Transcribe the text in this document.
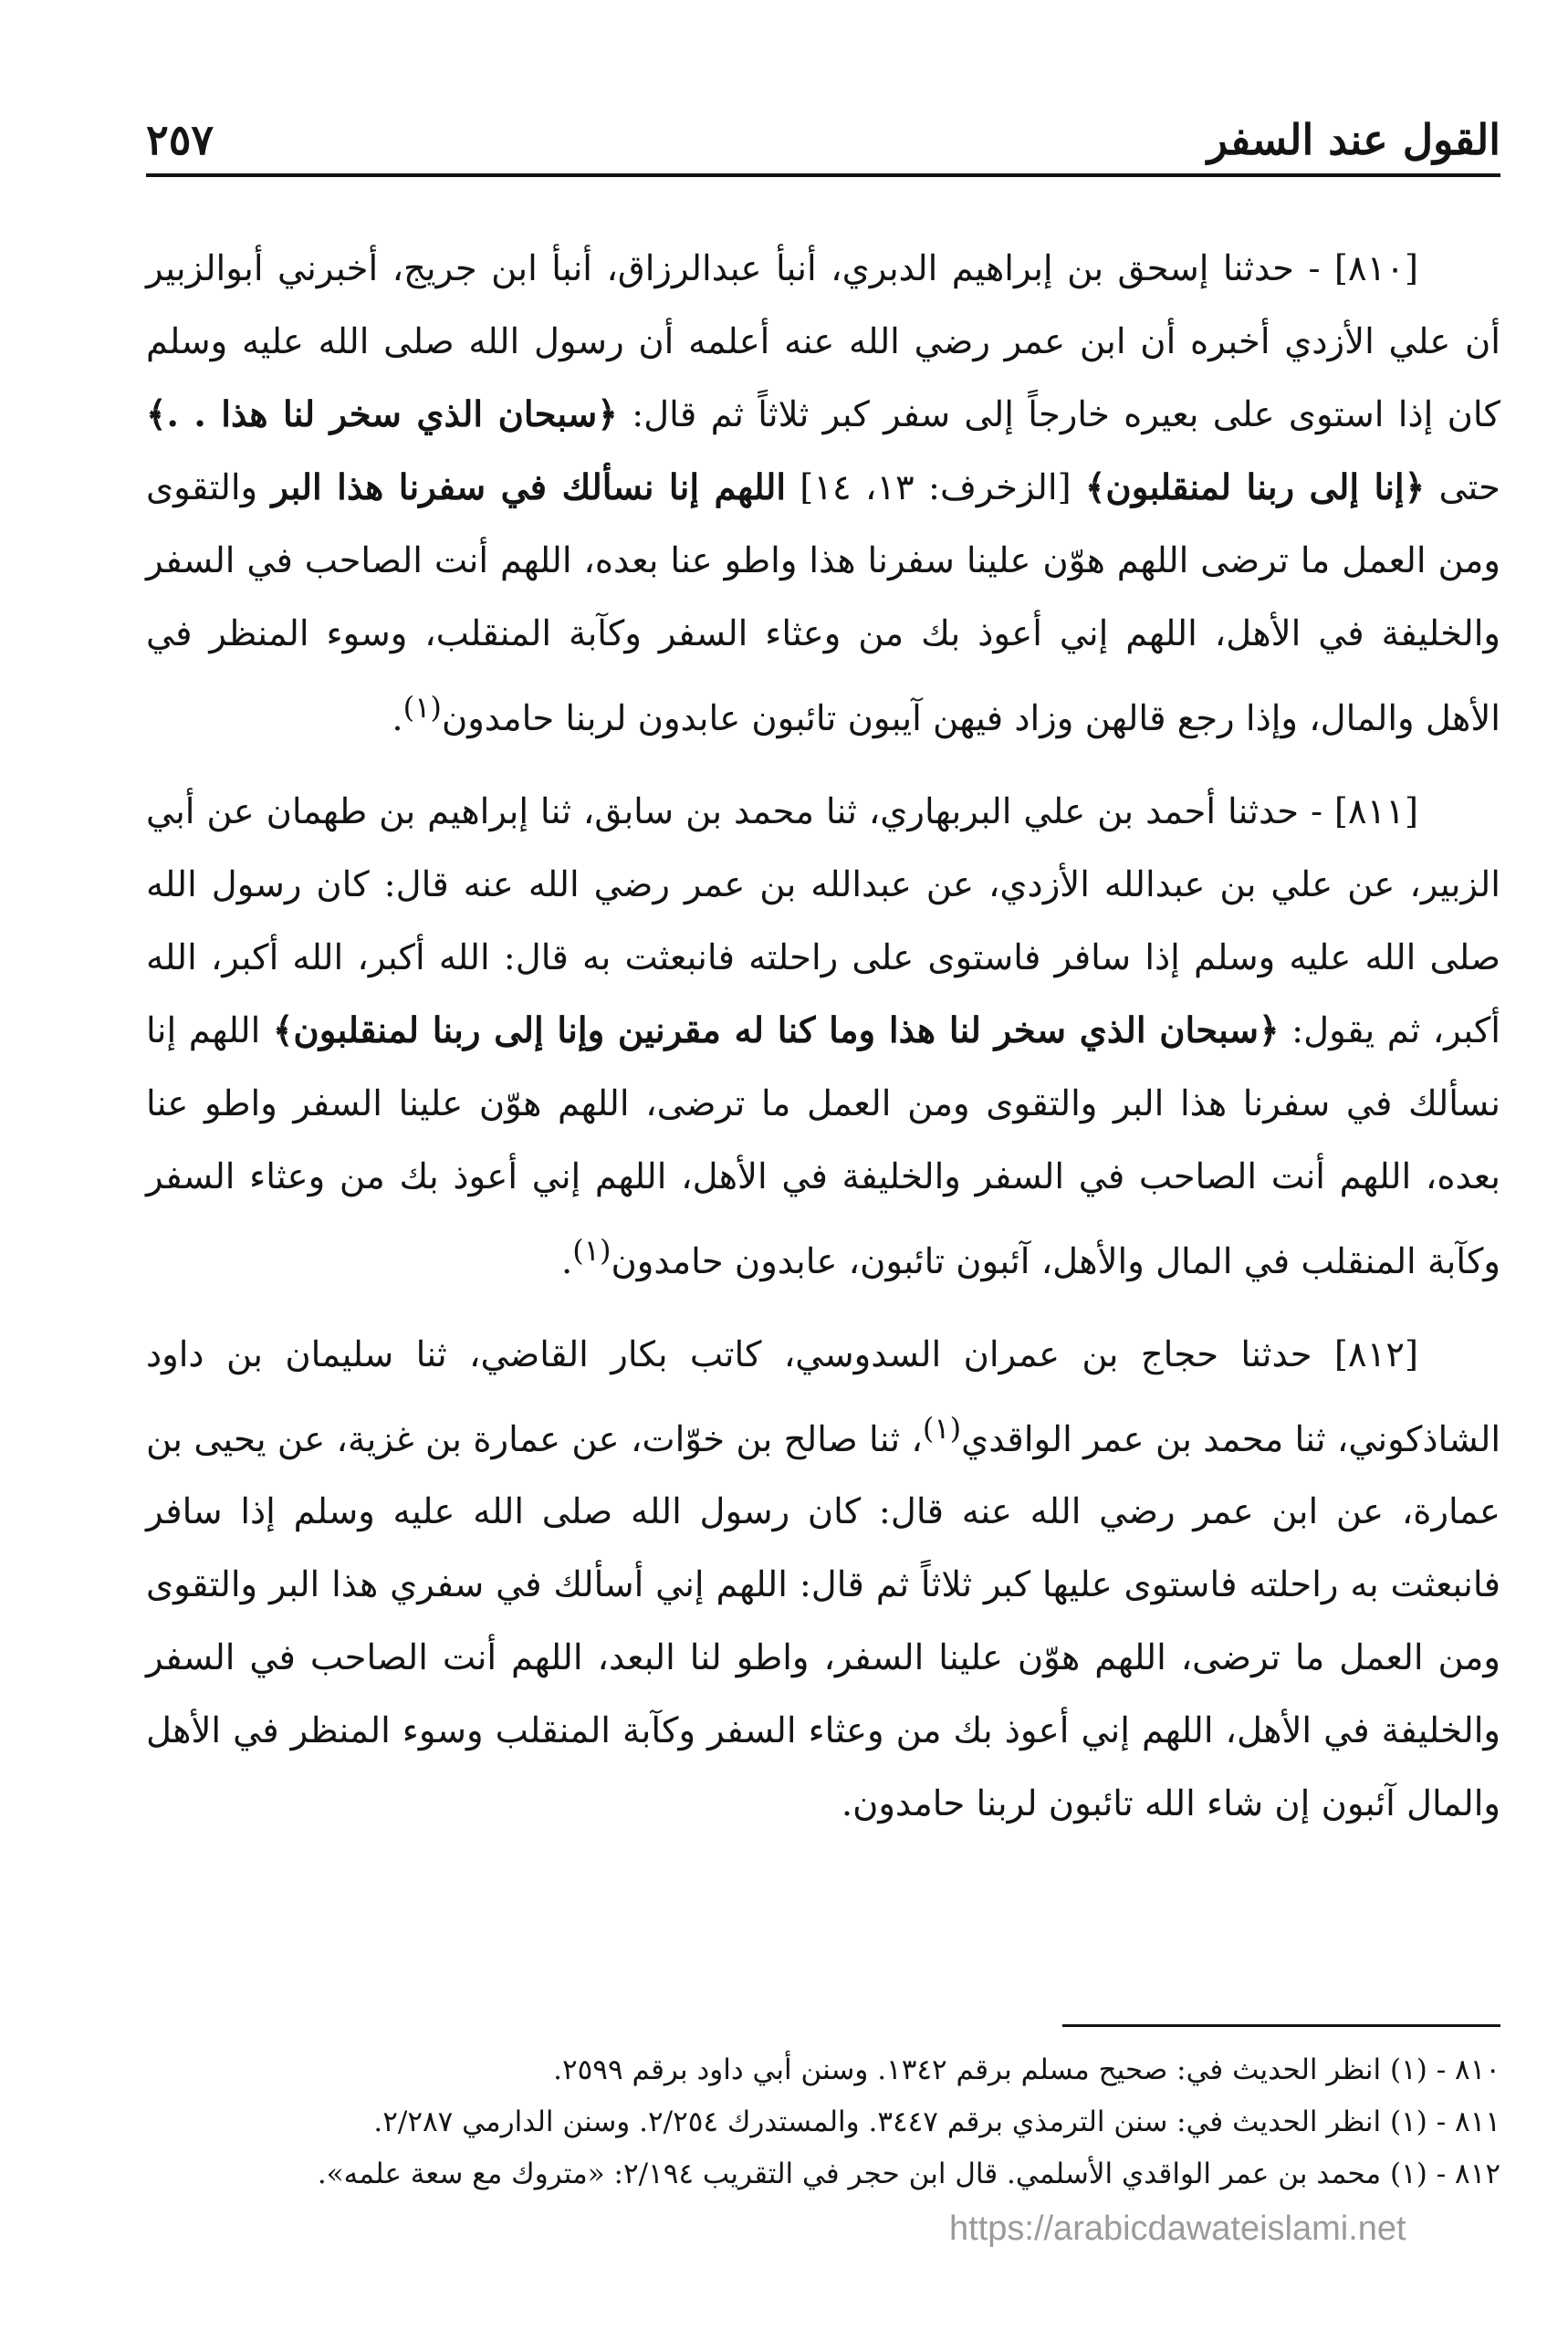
القول عند السفر
٢٥٧

[٨١٠] - حدثنا إسحق بن إبراهيم الدبري، أنبأ عبدالرزاق، أنبأ ابن جريج، أخبرني أبوالزبير أن علي الأزدي أخبره أن ابن عمر رضي الله عنه أعلمه أن رسول الله صلى الله عليه وسلم كان إذا استوى على بعيره خارجاً إلى سفر كبر ثلاثاً ثم قال: ﴿سبحان الذي سخر لنا هذا . .﴾ حتى ﴿إنا إلى ربنا لمنقلبون﴾ [الزخرف: ١٣، ١٤] اللهم إنا نسألك في سفرنا هذا البر والتقوى ومن العمل ما ترضى اللهم هوّن علينا سفرنا هذا واطو عنا بعده، اللهم أنت الصاحب في السفر والخليفة في الأهل، اللهم إني أعوذ بك من وعثاء السفر وكآبة المنقلب، وسوء المنظر في الأهل والمال، وإذا رجع قالهن وزاد فيهن آيبون تائبون عابدون لربنا حامدون$^{(١)}$.

[٨١١] - حدثنا أحمد بن علي البربهاري، ثنا محمد بن سابق، ثنا إبراهيم بن طهمان عن أبي الزبير، عن علي بن عبدالله الأزدي، عن عبدالله بن عمر رضي الله عنه قال: كان رسول الله صلى الله عليه وسلم إذا سافر فاستوى على راحلته فانبعثت به قال: الله أكبر، الله أكبر، الله أكبر، ثم يقول: ﴿سبحان الذي سخر لنا هذا وما كنا له مقرنين وإنا إلى ربنا لمنقلبون﴾ اللهم إنا نسألك في سفرنا هذا البر والتقوى ومن العمل ما ترضى، اللهم هوّن علينا السفر واطو عنا بعده، اللهم أنت الصاحب في السفر والخليفة في الأهل، اللهم إني أعوذ بك من وعثاء السفر وكآبة المنقلب في المال والأهل، آئبون تائبون، عابدون حامدون$^{(١)}$.

[٨١٢] حدثنا حجاج بن عمران السدوسي، كاتب بكار القاضي، ثنا سليمان بن داود الشاذكوني، ثنا محمد بن عمر الواقدي$^{(١)}$، ثنا صالح بن خوّات، عن عمارة بن غزية، عن يحيى بن عمارة، عن ابن عمر رضي الله عنه قال: كان رسول الله صلى الله عليه وسلم إذا سافر فانبعثت به راحلته فاستوى عليها كبر ثلاثاً ثم قال: اللهم إني أسألك في سفري هذا البر والتقوى ومن العمل ما ترضى، اللهم هوّن علينا السفر، واطو لنا البعد، اللهم أنت الصاحب في السفر والخليفة في الأهل، اللهم إني أعوذ بك من وعثاء السفر وكآبة المنقلب وسوء المنظر في الأهل والمال آئبون إن شاء الله تائبون لربنا حامدون.

٨١٠ - (١) انظر الحديث في: صحيح مسلم برقم ١٣٤٢. وسنن أبي داود برقم ٢٥٩٩.

٨١١ - (١) انظر الحديث في: سنن الترمذي برقم ٣٤٤٧. والمستدرك ٢/٢٥٤. وسنن الدارمي ٢/٢٨٧.

٨١٢ - (١) محمد بن عمر الواقدي الأسلمي. قال ابن حجر في التقريب ٢/١٩٤: «متروك مع سعة علمه».

https://arabicdawateislami.net
